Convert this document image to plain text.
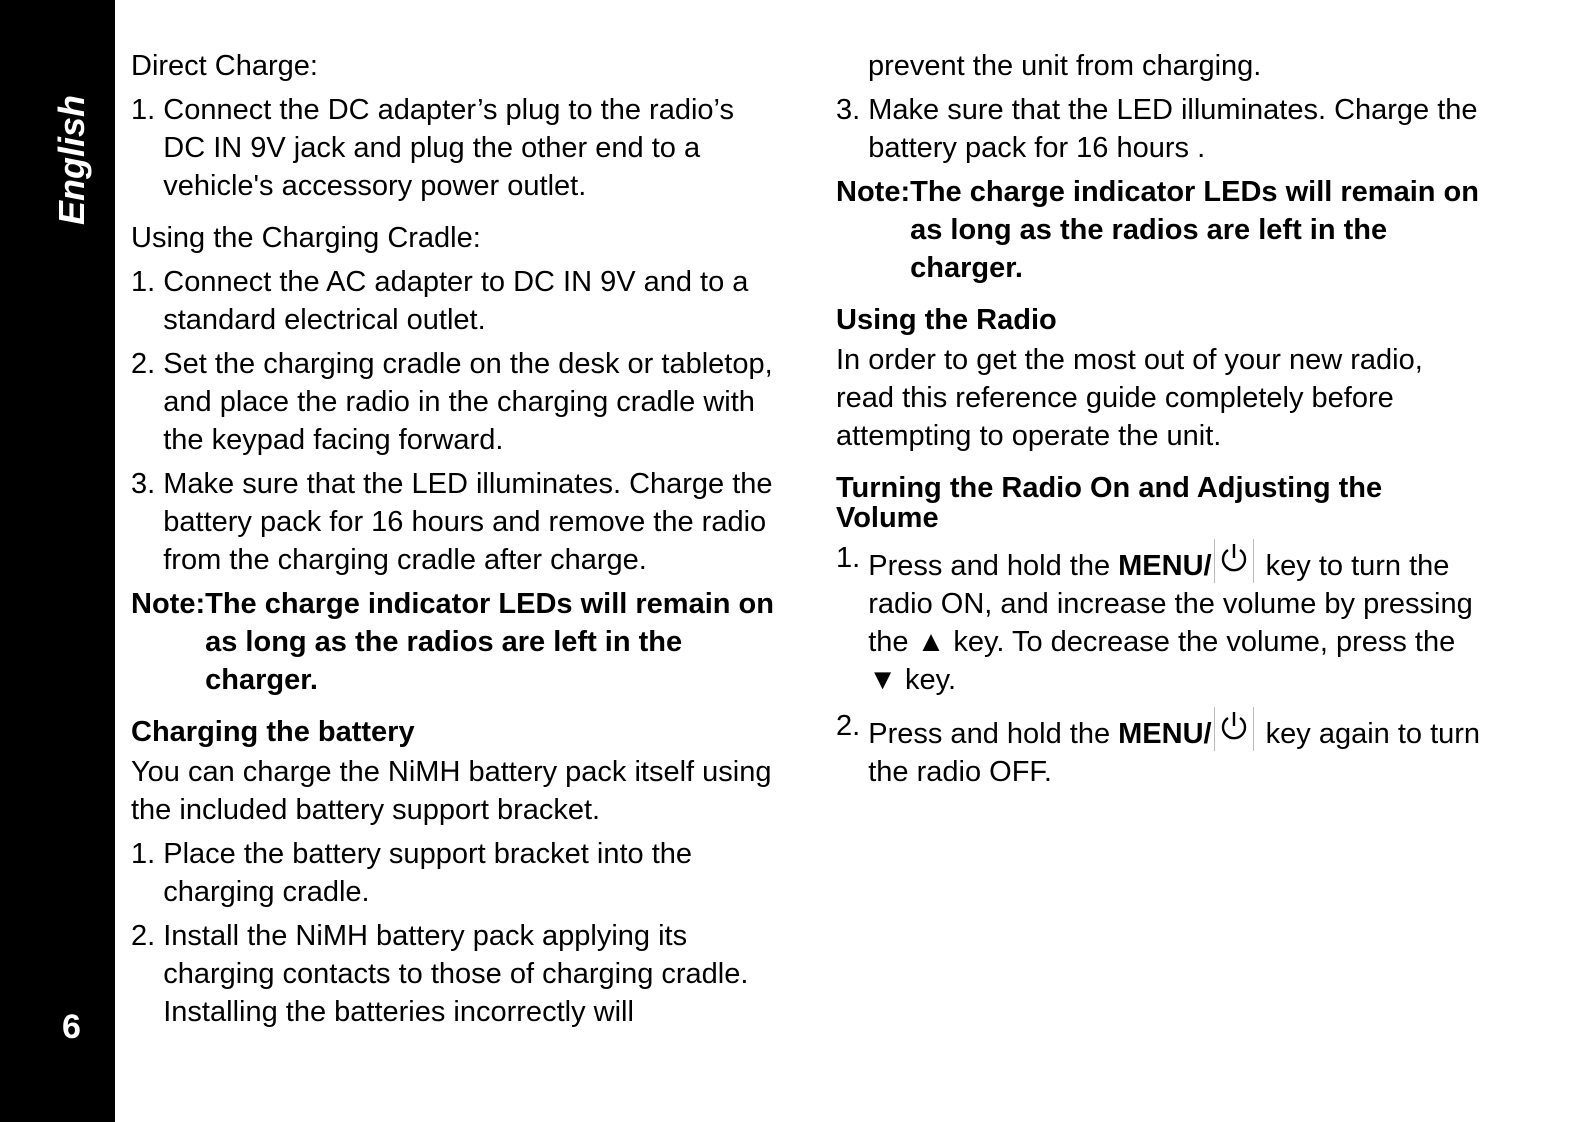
English
6

Direct Charge:

1. Connect the DC adapter’s plug to the radio’s DC IN 9V jack and plug the other end to a vehicle's accessory power outlet.

Using the Charging Cradle:

1. Connect the AC adapter to DC IN 9V and to a standard electrical outlet.
2. Set the charging cradle on the desk or tabletop, and place the radio in the charging cradle with the keypad facing forward.
3. Make sure that the LED illuminates. Charge the battery pack for 16 hours and remove the radio from the charging cradle after charge.
Note: The charge indicator LEDs will remain on as long as the radios are left in the charger.

Charging the battery

You can charge the NiMH battery pack itself using the included battery support bracket.

1. Place the battery support bracket into the charging cradle.
2. Install the NiMH battery pack applying its charging contacts to those of charging cradle. Installing the batteries incorrectly will

prevent the unit from charging.

3. Make sure that the LED illuminates. Charge the battery pack for 16 hours .
Note: The charge indicator LEDs will remain on as long as the radios are left in the charger.

Using the Radio

In order to get the most out of your new radio, read this reference guide completely before attempting to operate the unit.

Turning the Radio On and Adjusting the Volume

1. Press and hold the MENU/
key to turn the radio ON, and increase the volume by pressing the ▲ key. To decrease the volume, press the ▼ key.
2. Press and hold the MENU/
key again to turn the radio OFF.
